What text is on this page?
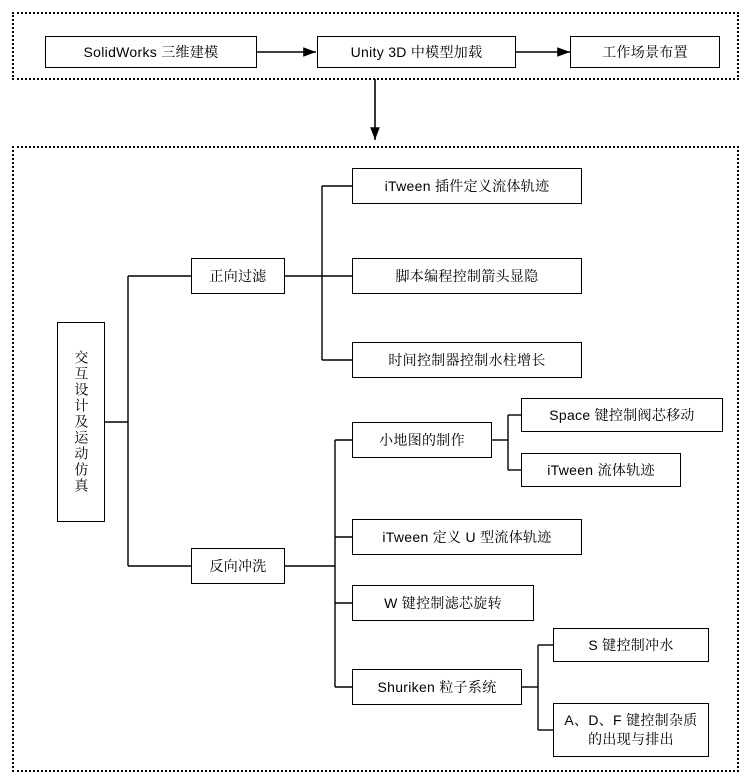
SolidWorks 三维建模	Unity 3D 中模型加载	工作场景布置
交互设计及运动仿真
正向过滤
iTween 插件定义流体轨迹
脚本编程控制箭头显隐
时间控制器控制水柱增长
反向冲洗
小地图的制作
Space 键控制阀芯移动
iTween 流体轨迹
iTween 定义 U 型流体轨迹
W 键控制滤芯旋转
Shuriken 粒子系统
S 键控制冲水
A、D、F 键控制杂质的出现与排出
